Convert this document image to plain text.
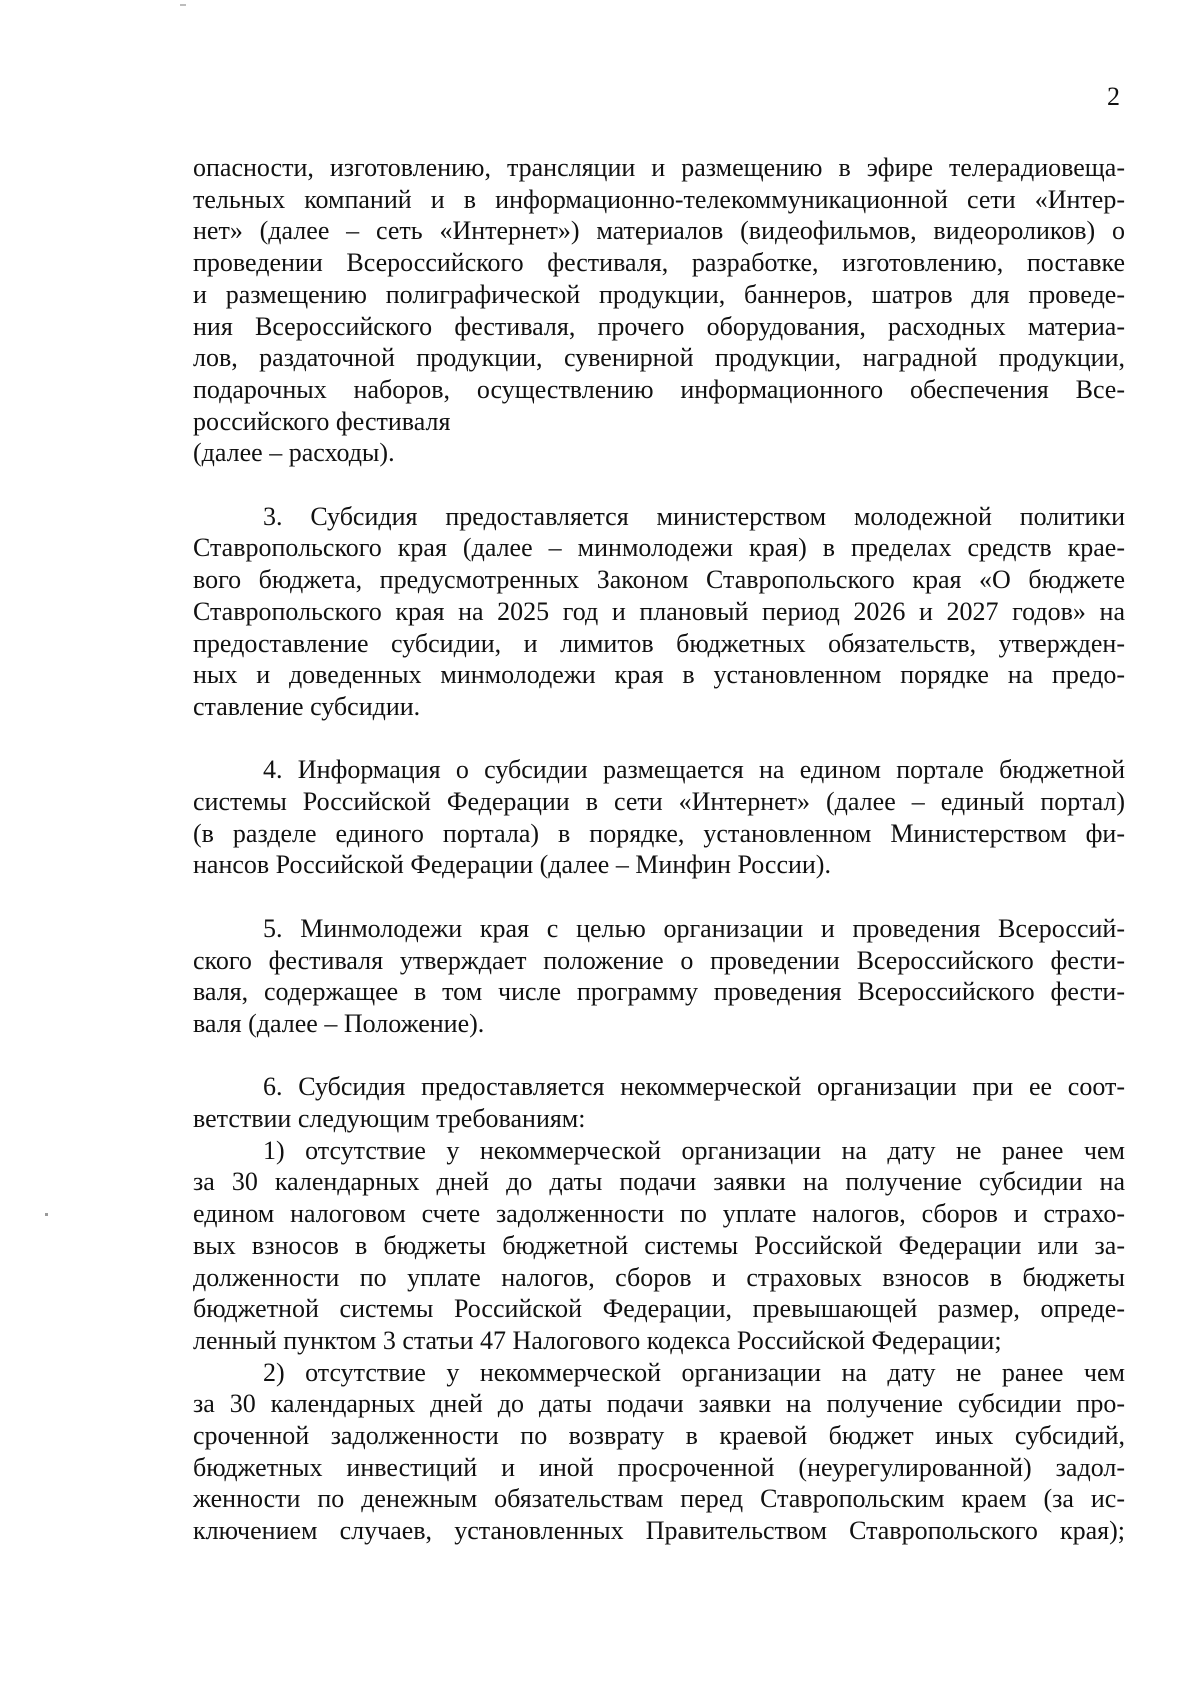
2

опасности, изготовлению, трансляции и размещению в эфире телерадиовеща-

тельных компаний и в информационно-телекоммуникационной сети «Интер-

нет» (далее – сеть «Интернет») материалов (видеофильмов, видеороликов) о

проведении Всероссийского фестиваля, разработке, изготовлению, поставке

и размещению полиграфической продукции, баннеров, шатров для проведе-

ния Всероссийского фестиваля, прочего оборудования, расходных материа-

лов, раздаточной продукции, сувенирной продукции, наградной продукции,

подарочных наборов, осуществлению информационного обеспечения Все-

российского фестиваля

(далее – расходы).

3. Субсидия предоставляется министерством молодежной политики

Ставропольского края (далее – минмолодежи края) в пределах средств крае-

вого бюджета, предусмотренных Законом Ставропольского края «О бюджете

Ставропольского края на 2025 год и плановый период 2026 и 2027 годов» на

предоставление субсидии, и лимитов бюджетных обязательств, утвержден-

ных и доведенных минмолодежи края в установленном порядке на предо-

ставление субсидии.

4. Информация о субсидии размещается на едином портале бюджетной

системы Российской Федерации в сети «Интернет» (далее – единый портал)

(в разделе единого портала) в порядке, установленном Министерством фи-

нансов Российской Федерации (далее – Минфин России).

5. Минмолодежи края с целью организации и проведения Всероссий-

ского фестиваля утверждает положение о проведении Всероссийского фести-

валя, содержащее в том числе программу проведения Всероссийского фести-

валя (далее – Положение).

6. Субсидия предоставляется некоммерческой организации при ее соот-

ветствии следующим требованиям:

1) отсутствие у некоммерческой организации на дату не ранее чем

за 30 календарных дней до даты подачи заявки на получение субсидии на

едином налоговом счете задолженности по уплате налогов, сборов и страхо-

вых взносов в бюджеты бюджетной системы Российской Федерации или за-

долженности по уплате налогов, сборов и страховых взносов в бюджеты

бюджетной системы Российской Федерации, превышающей размер, опреде-

ленный пунктом 3 статьи 47 Налогового кодекса Российской Федерации;

2) отсутствие у некоммерческой организации на дату не ранее чем

за 30 календарных дней до даты подачи заявки на получение субсидии про-

сроченной задолженности по возврату в краевой бюджет иных субсидий,

бюджетных инвестиций и иной просроченной (неурегулированной) задол-

женности по денежным обязательствам перед Ставропольским краем (за ис-

ключением случаев, установленных Правительством Ставропольского края);
